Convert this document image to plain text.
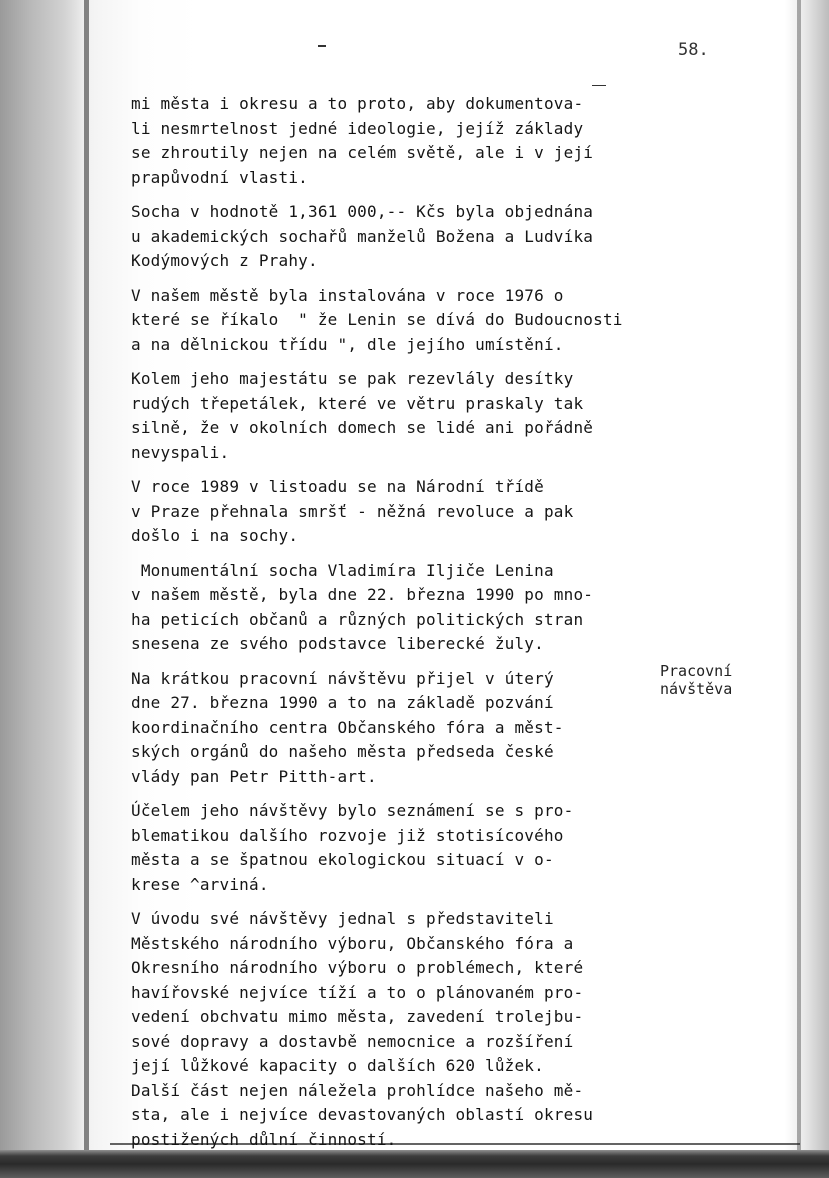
58.
mi města i okresu a to proto, aby dokumentova-
li nesmrtelnost jedné ideologie, jejíž základy
se zhroutily nejen na celém světě, ale i v její
prapůvodní vlasti.
Socha v hodnotě 1,361 000,-- Kčs byla objednána
u akademických sochařů manželů Božena a Ludvíka
Kodýmových z Prahy.
V našem městě byla instalována v roce 1976 o
které se říkalo  " že Lenin se dívá do Budoucnosti
a na dělnickou třídu ", dle jejího umístění.
Kolem jeho majestátu se pak rezevlály desítky
rudých třepetálek, které ve větru praskaly tak
silně, že v okolních domech se lidé ani pořádně
nevyspali.
V roce 1989 v listoadu se na Národní třídě
v Praze přehnala smršť - něžná revoluce a pak
došlo i na sochy.
Monumentální socha Vladimíra Iljiče Lenina
v našem městě, byla dne 22. března 1990 po mno-
ha peticích občanů a různých politických stran
snesena ze svého podstavce liberecké žuly.
Na krátkou pracovní návštěvu přijel v úterý
dne 27. března 1990 a to na základě pozvání
koordinačního centra Občanského fóra a měst-
ských orgánů do našeho města předseda české
vlády pan Petr Pitth-art.
Účelem jeho návštěvy bylo seznámení se s pro-
blematikou dalšího rozvoje již stotisícového
města a se špatnou ekologickou situací v o-
krese ^arviná.
V úvodu své návštěvy jednal s představiteli
Městského národního výboru, Občanského fóra a
Okresního národního výboru o problémech, které
havířovské nejvíce tíží a to o plánovaném pro-
vedení obchvatu mimo města, zavedení trolejbu-
sové dopravy a dostavbě nemocnice a rozšíření
její lůžkové kapacity o dalších 620 lůžek.
Další část nejen náležela prohlídce našeho mě-
sta, ale i nejvíce devastovaných oblastí okresu
postižených důlní činností.
Pracovní
návštěva
